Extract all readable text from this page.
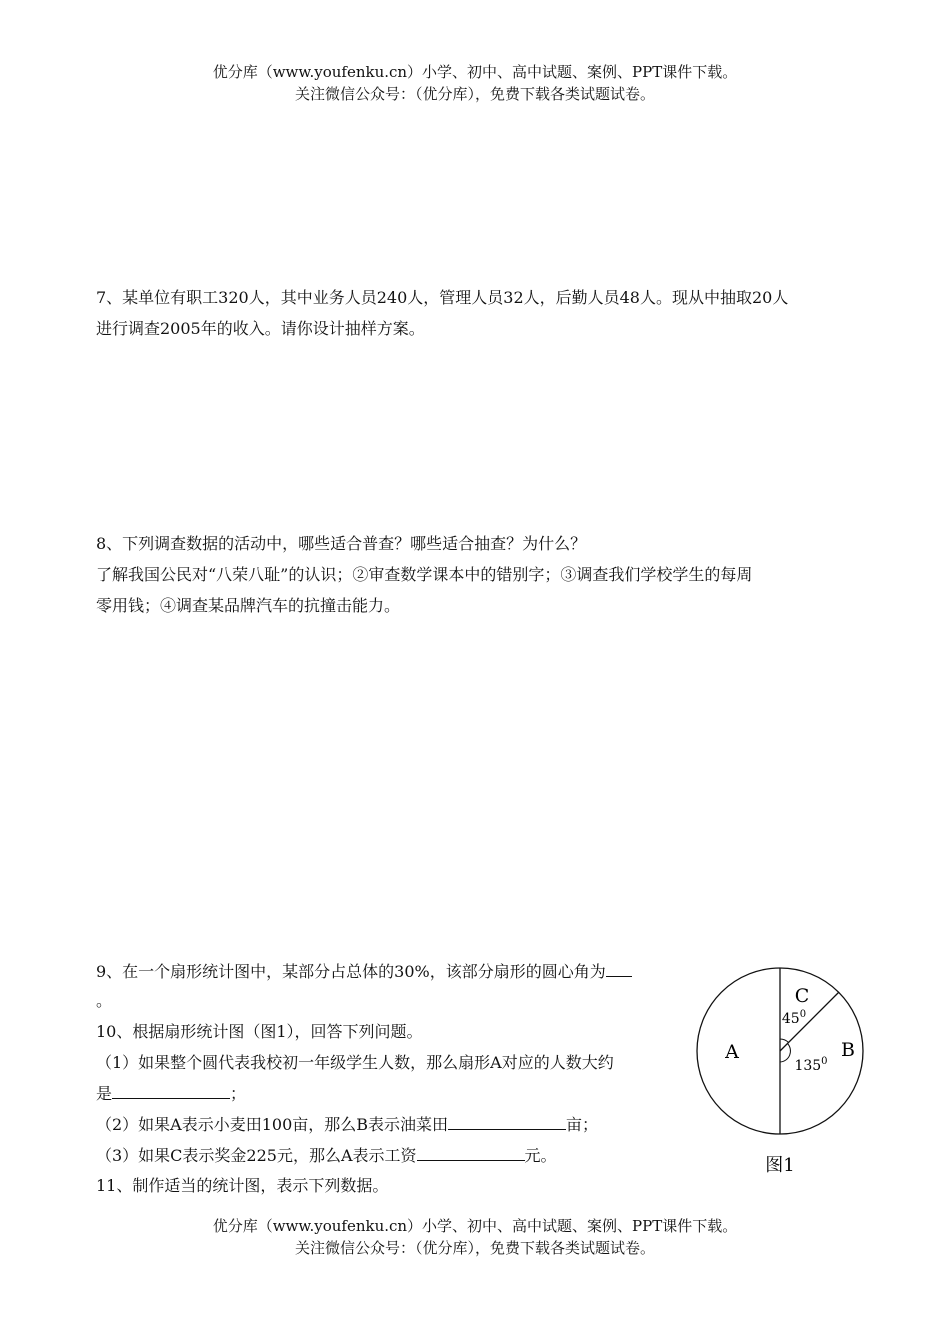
优分库（www.youfenku.cn）小学、初中、高中试题、案例、PPT课件下载。
关注微信公众号：（优分库），免费下载各类试题试卷。
7、某单位有职工320人，其中业务人员240人，管理人员32人，后勤人员48人。现从中抽取20人
进行调查2005年的收入。请你设计抽样方案。
8、下列调查数据的活动中，哪些适合普查？哪些适合抽查？为什么？
了解我国公民对“八荣八耻”的认识；②审查数学课本中的错别字；③调查我们学校学生的每周
零用钱；④调查某品牌汽车的抗撞击能力。
9、在一个扇形统计图中，某部分占总体的30%，该部分扇形的圆心角为
。
10、根据扇形统计图（图1），回答下列问题。
（1）如果整个圆代表我校初一年级学生人数，那么扇形A对应的人数大约
是	；
（2）如果A表示小麦田100亩，那么B表示油菜田	亩；
（3）如果C表示奖金225元，那么A表示工资	元。
11、制作适当的统计图，表示下列数据。
C
$45^0$
A	B
$135^0$
图1
优分库（www.youfenku.cn）小学、初中、高中试题、案例、PPT课件下载。
关注微信公众号：（优分库），免费下载各类试题试卷。
